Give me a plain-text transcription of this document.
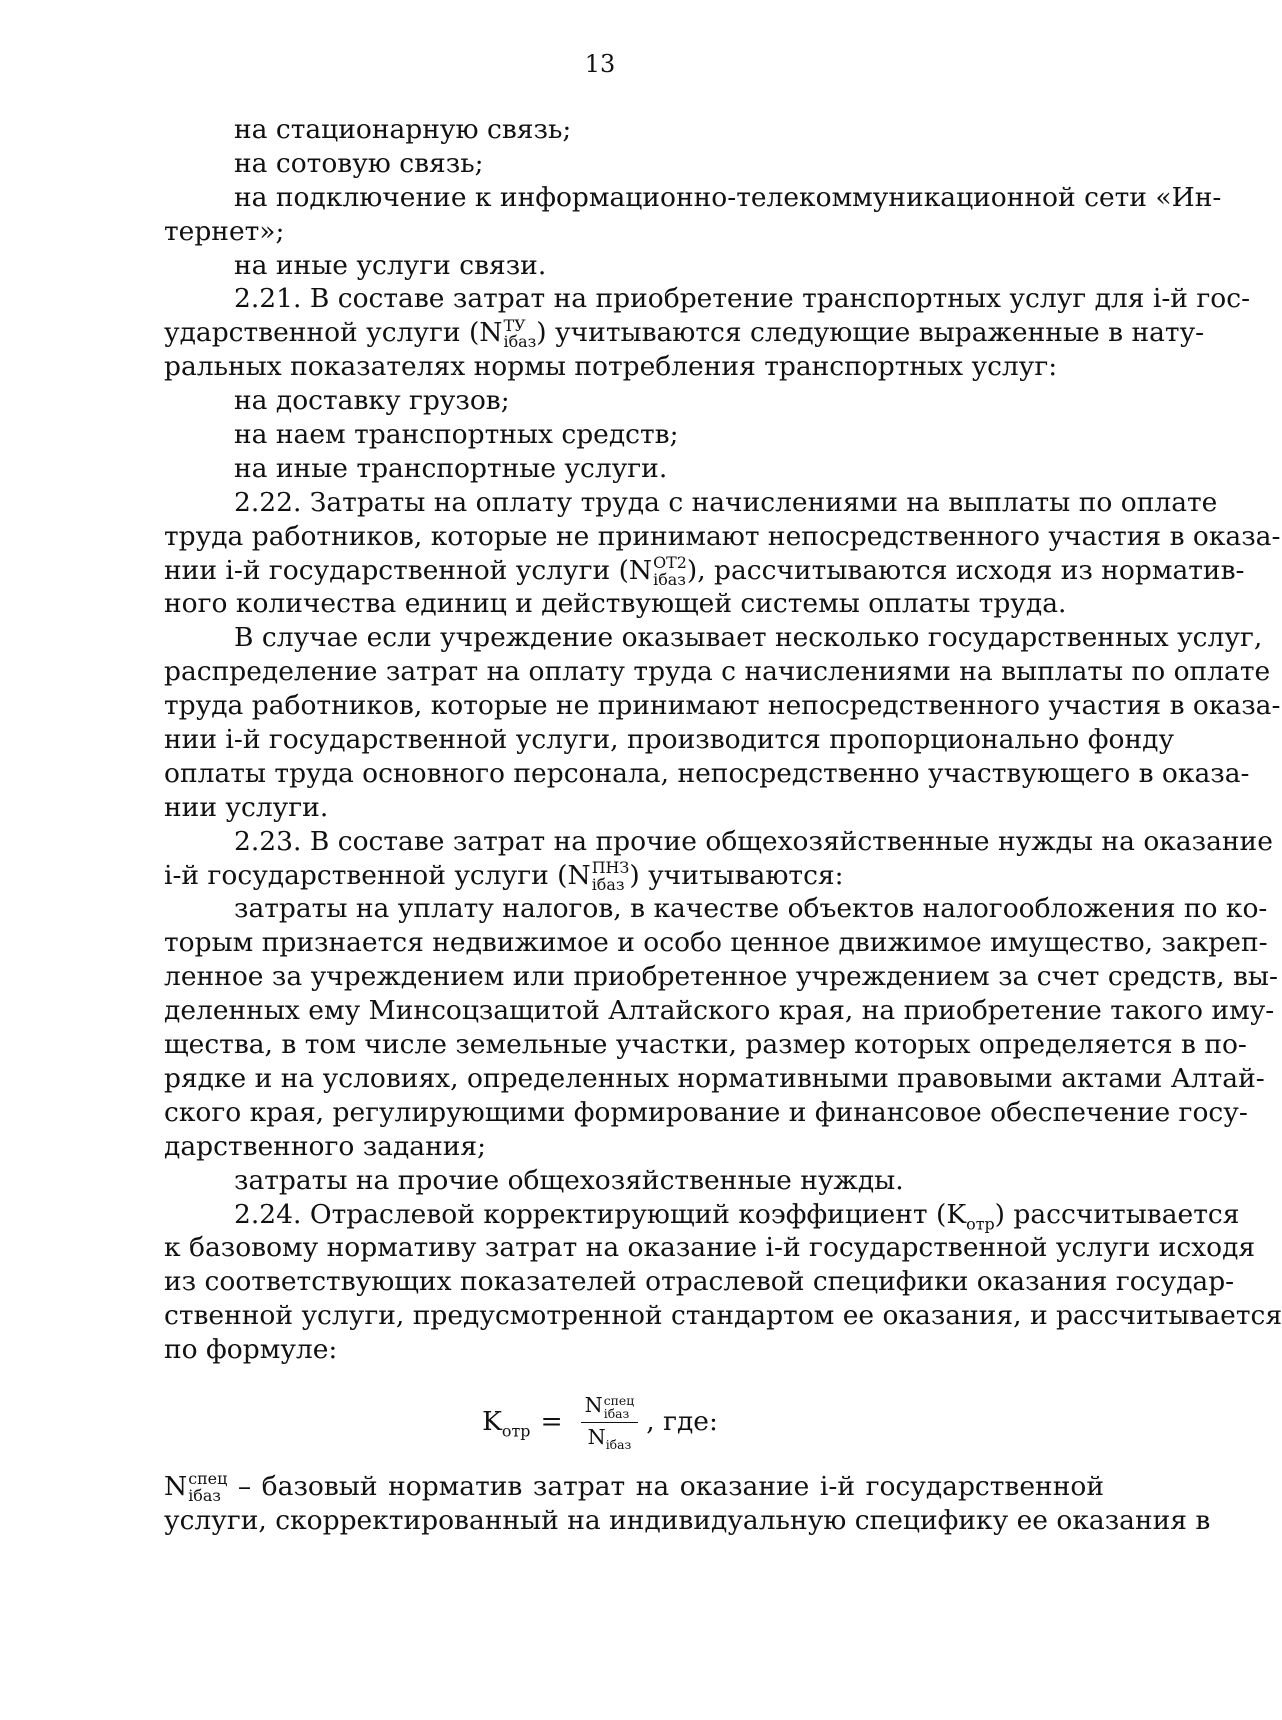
13
на стационарную связь;
на сотовую связь;
на подключение к информационно-телекоммуникационной сети «Ин-
тернет»;
на иные услуги связи.
2.21. В составе затрат на приобретение транспортных услуг для i-й гос-
ударственной услуги (N ТУ
iбаз ) учитываются следующие выраженные в нату-
ральных показателях нормы потребления транспортных услуг:
на доставку грузов;
на наем транспортных средств;
на иные транспортные услуги.
2.22. Затраты на оплату труда с начислениями на выплаты по оплате
труда работников, которые не принимают непосредственного участия в оказа-
нии i-й государственной услуги (N ОТ2
iбаз ), рассчитываются исходя из норматив-
ного количества единиц и действующей системы оплаты труда.
В случае если учреждение оказывает несколько государственных услуг,
распределение затрат на оплату труда с начислениями на выплаты по оплате
труда работников, которые не принимают непосредственного участия в оказа-
нии i-й государственной услуги, производится пропорционально фонду
оплаты труда основного персонала, непосредственно участвующего в оказа-
нии услуги.
2.23. В составе затрат на прочие общехозяйственные нужды на оказание
i-й государственной услуги (N ПНЗ
iбаз ) учитываются:
затраты на уплату налогов, в качестве объектов налогообложения по ко-
торым признается недвижимое и особо ценное движимое имущество, закреп-
ленное за учреждением или приобретенное учреждением за счет средств, вы-
деленных ему Минсоцзащитой Алтайского края, на приобретение такого иму-
щества, в том числе земельные участки, размер которых определяется в по-
рядке и на условиях, определенных нормативными правовыми актами Алтай-
ского края, регулирующими формирование и финансовое обеспечение госу-
дарственного задания;
затраты на прочие общехозяйственные нужды.
2.24. Отраслевой корректирующий коэффициент $(K_{отр})$ рассчитывается
к базовому нормативу затрат на оказание i-й государственной услуги исходя
из соответствующих показателей отраслевой специфики оказания государ-
ственной услуги, предусмотренной стандартом ее оказания, и рассчитывается
по формуле:
$K_{отр} = N$ спец
iбаз
$N_{iбаз}$ , где:
N спец
iбаз – базовый норматив затрат на оказание i-й государственной
услуги, скорректированный на индивидуальную специфику ее оказания в
